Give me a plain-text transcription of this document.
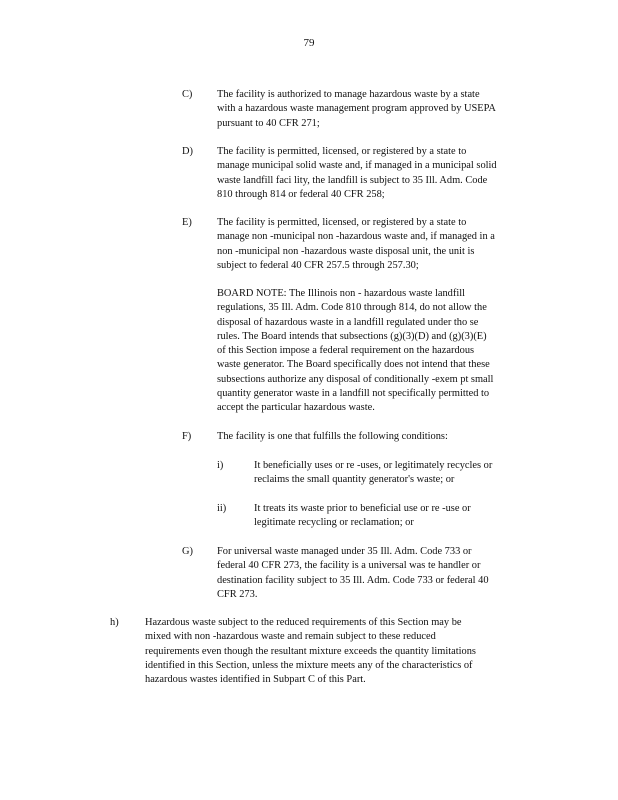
79
C) The facility is authorized to manage hazardous waste by a state
with a hazardous waste management program approved by USEPA
pursuant to 40 CFR 271;
D) The facility is permitted, licensed, or registered by a state to
manage municipal solid waste and, if managed in a municipal solid
waste landfill faci lity, the landfill is subject to 35 Ill. Adm. Code
810 through 814 or federal 40 CFR 258;
E) The facility is permitted, licensed, or registered by a state to
manage non -municipal non -hazardous waste and, if managed in a
non -municipal non -hazardous waste disposal unit, the unit is
subject to federal 40 CFR 257.5 through 257.30;
BOARD NOTE: The Illinois non - hazardous waste landfill
regulations, 35 Ill. Adm. Code 810 through 814, do not allow the
disposal of hazardous waste in a landfill regulated under tho se
rules. The Board intends that subsections (g)(3)(D) and (g)(3)(E)
of this Section impose a federal requirement on the hazardous
waste generator. The Board specifically does not intend that these
subsections authorize any disposal of conditionally -exem pt small
quantity generator waste in a landfill not specifically permitted to
accept the particular hazardous waste.
F) The facility is one that fulfills the following conditions:
i)	It beneficially uses or re -uses, or legitimately recycles or
reclaims the small quantity generator's waste; or
ii)	It treats its waste prior to beneficial use or re -use or
legitimate recycling or reclamation; or
G) For universal waste managed under 35 Ill. Adm. Code 733 or
federal 40 CFR 273, the facility is a universal was te handler or
destination facility subject to 35 Ill. Adm. Code 733 or federal 40
CFR 273.
h)	Hazardous waste subject to the reduced requirements of this Section may be
mixed with non -hazardous waste and remain subject to these reduced
requirements even though the resultant mixture exceeds the quantity limitations
identified in this Section, unless the mixture meets any of the characteristics of
hazardous wastes identified in Subpart C of this Part.
